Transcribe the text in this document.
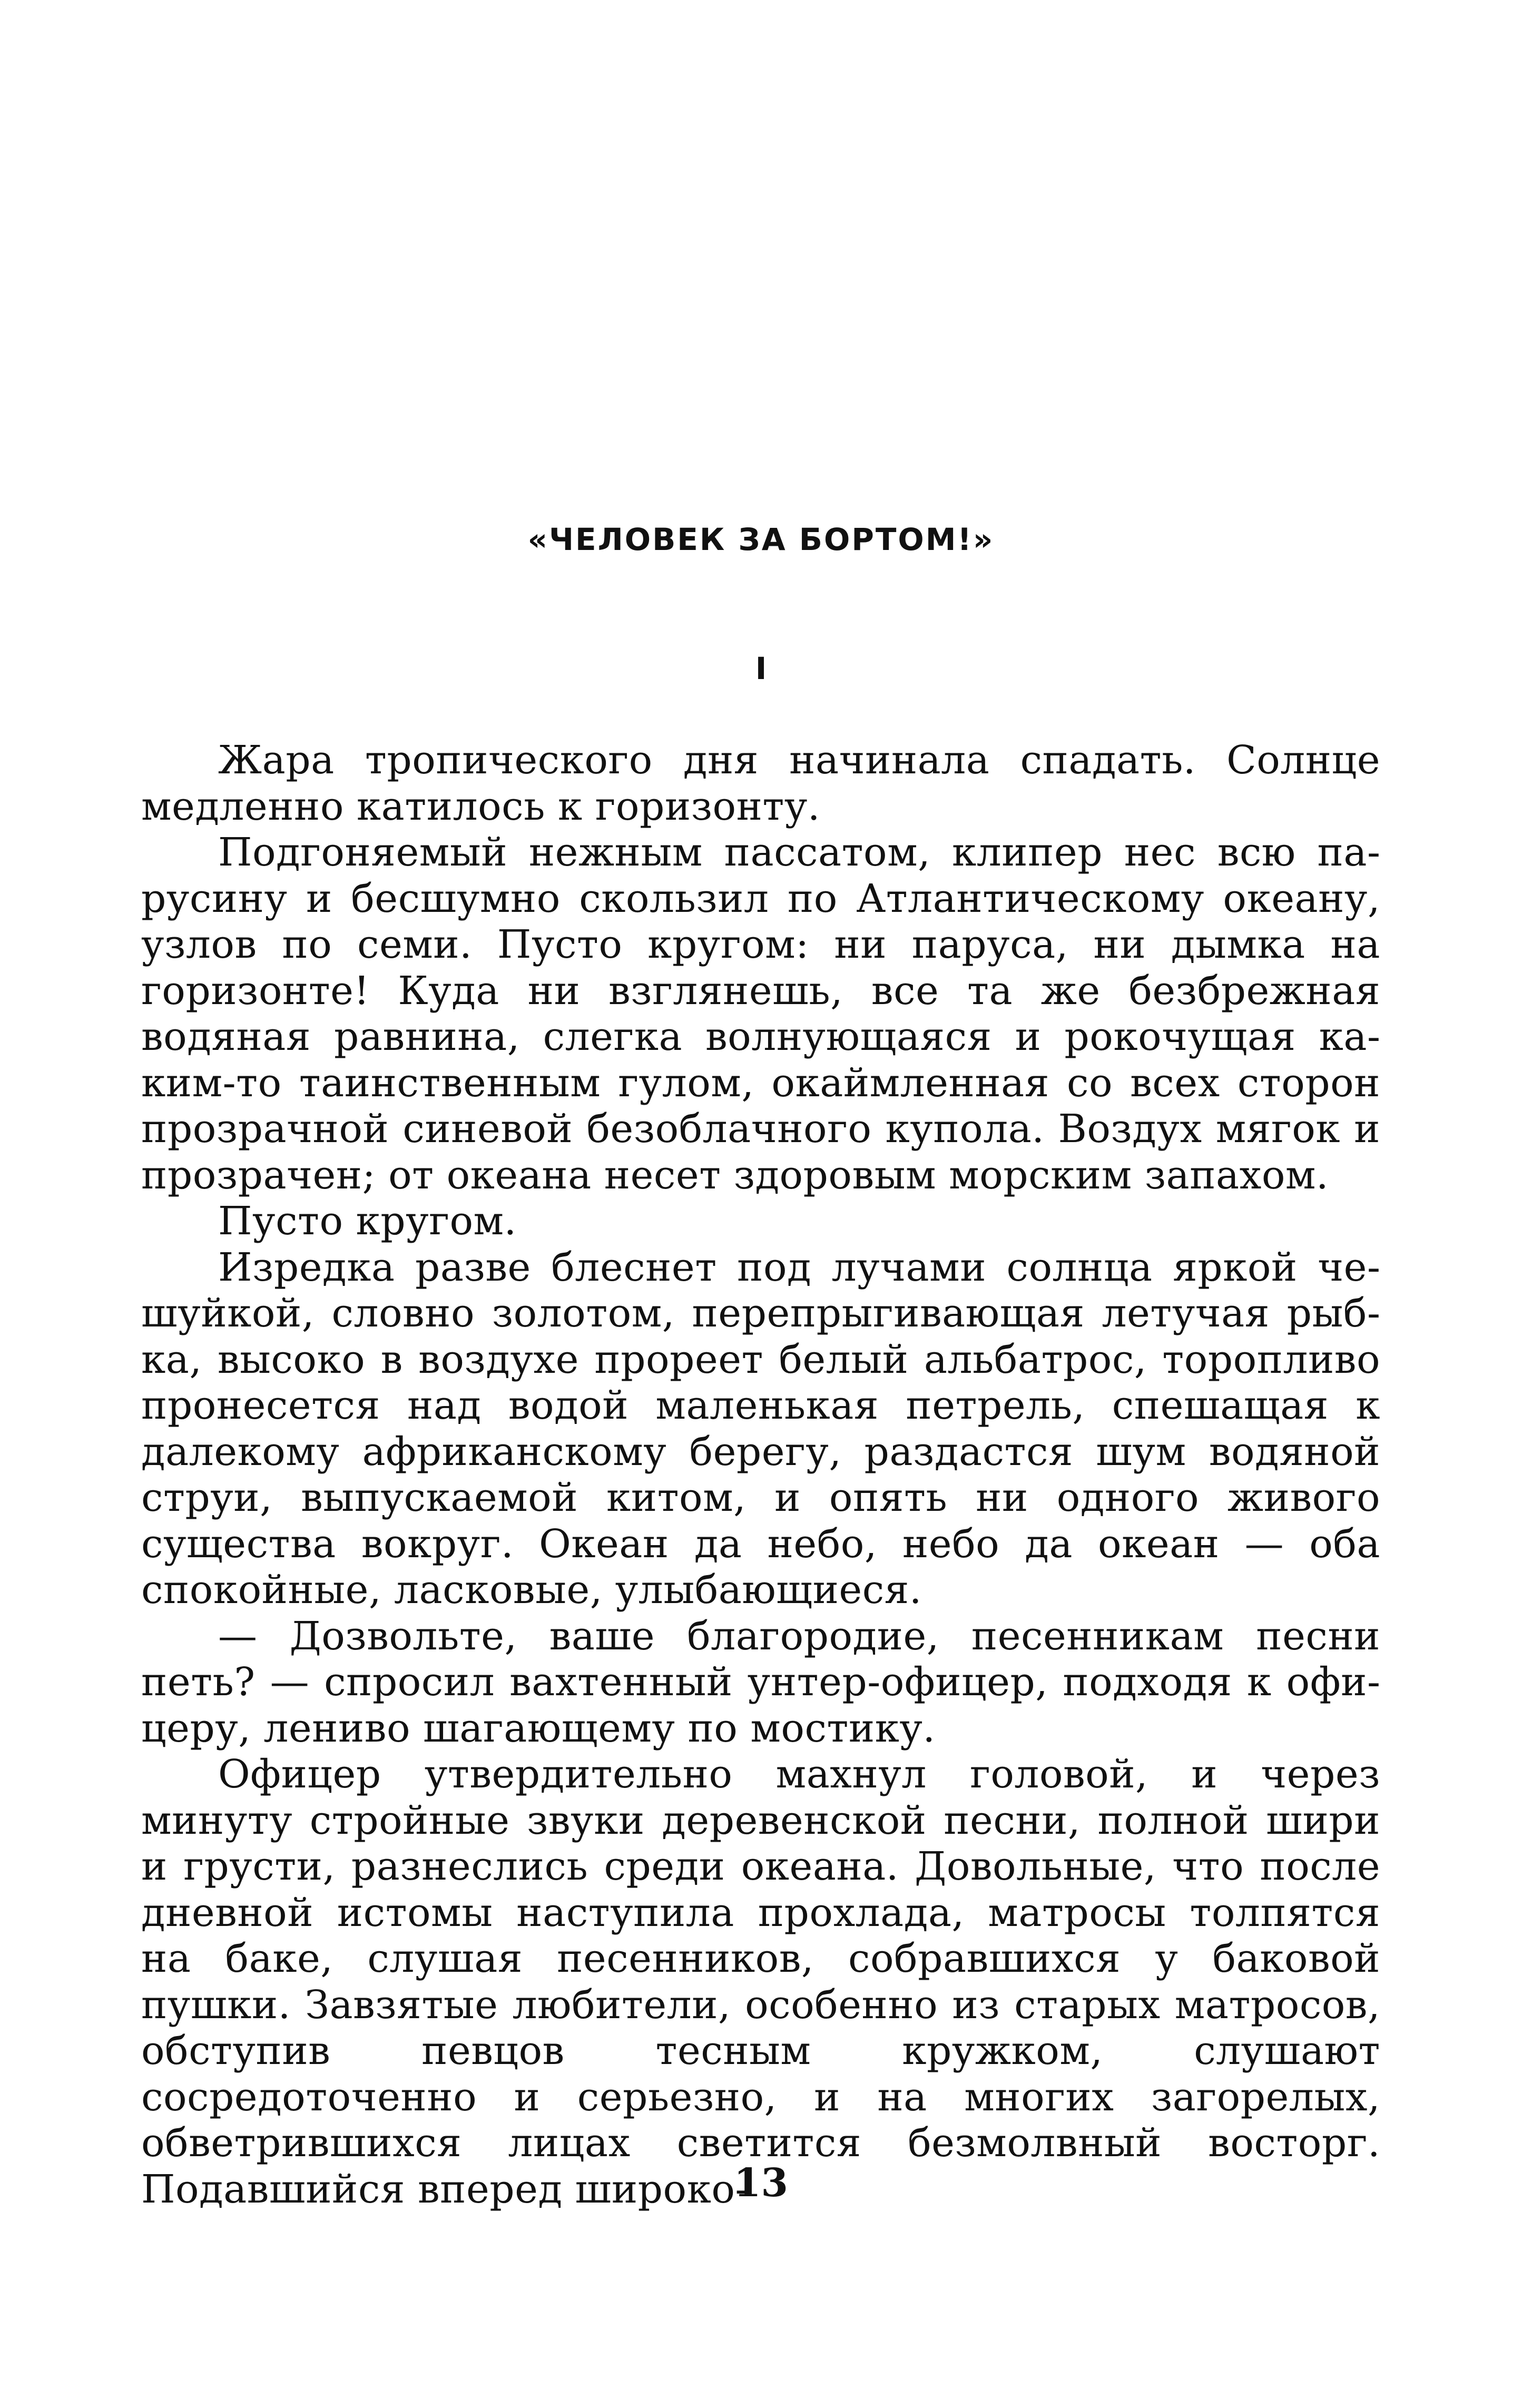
«ЧЕЛОВЕК ЗА БОРТОМ!»
I

Жара тропического дня начинала спадать. Солнце медленно катилось к горизонту.

Подгоняемый нежным пассатом, клипер нес всю парусину и бесшумно скользил по Атлантическому океану, узлов по семи. Пусто кругом: ни паруса, ни дымка на горизонте! Куда ни взглянешь, все та же безбрежная водяная равнина, слегка волнующаяся и рокочущая каким-то таинственным гулом, окаймленная со всех сторон прозрачной синевой безоблачного купола. Воздух мягок и прозрачен; от океана несет здоровым морским запахом.

Пусто кругом.

Изредка разве блеснет под лучами солнца яркой чешуйкой, словно золотом, перепрыгивающая летучая рыбка, высоко в воздухе прореет белый альбатрос, торопливо пронесется над водой маленькая петрель, спешащая к далекому африканскому берегу, раздастся шум водяной струи, выпускаемой китом, и опять ни одного живого существа вокруг. Океан да небо, небо да океан — оба спокойные, ласковые, улыбающиеся.

— Дозвольте, ваше благородие, песенникам песни петь? — спросил вахтенный унтер-офицер, подходя к офицеру, лениво шагающему по мостику.

Офицер утвердительно махнул головой, и через минуту стройные звуки деревенской песни, полной шири и грусти, разнеслись среди океана. Довольные, что после дневной истомы наступила прохлада, матросы толпятся на баке, слушая песенников, собравшихся у баковой пушки. Завзятые любители, особенно из старых матросов, обступив певцов тесным кружком, слушают сосредоточенно и серьезно, и на многих загорелых, обветрившихся лицах светится безмолвный восторг. Подавшийся вперед широко-

13
